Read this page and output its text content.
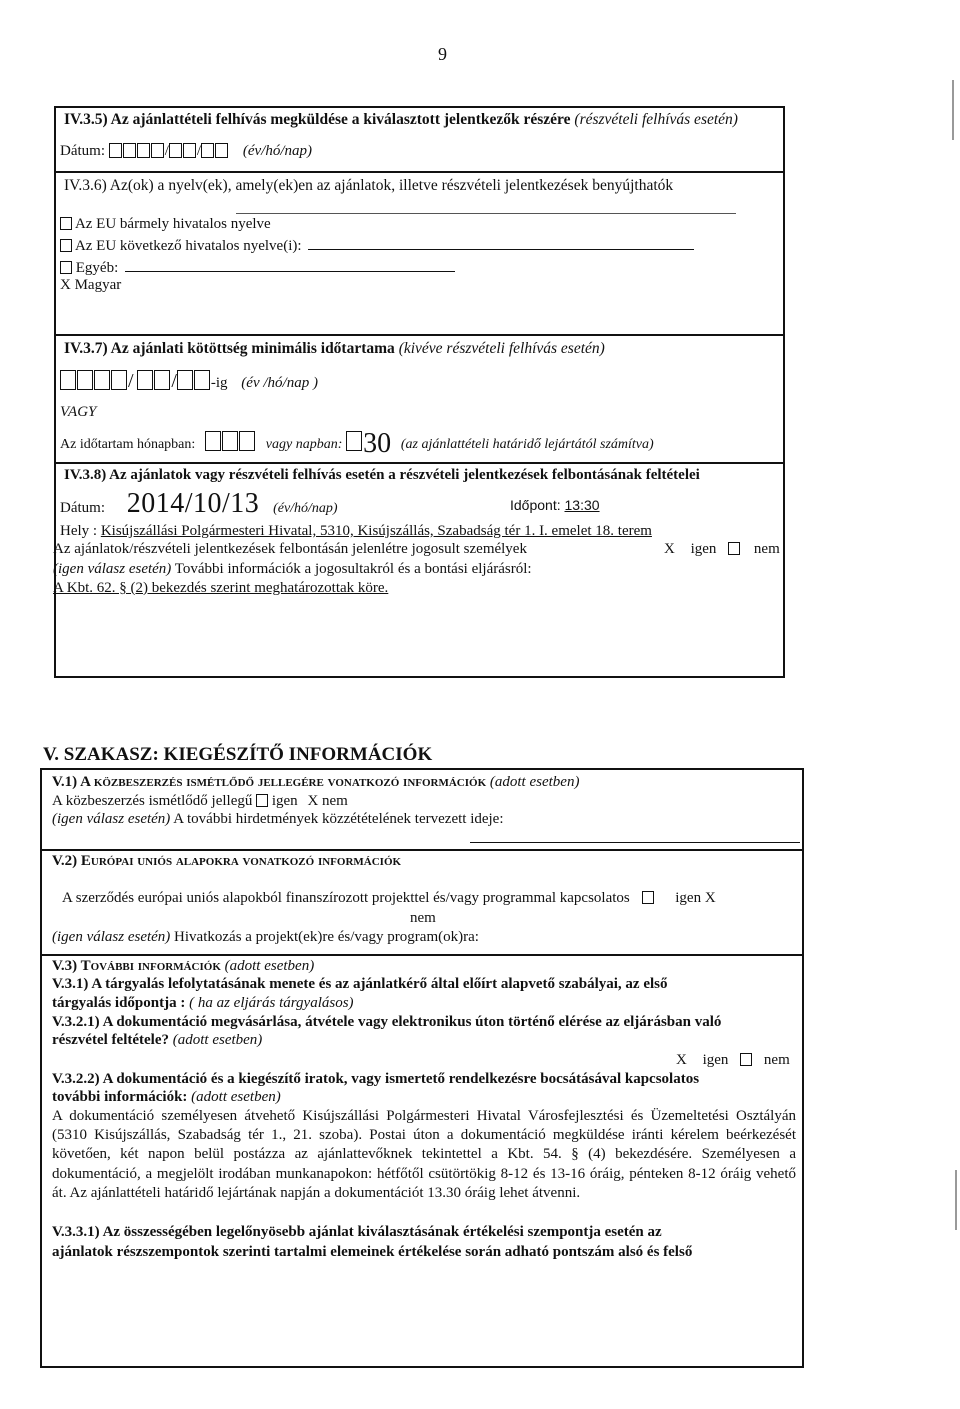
9
IV.3.5) Az ajánlattételi felhívás megküldése a kiválasztott jelentkezők részére (részvételi felhívás esetén)
Dátum:	/ /	(év/hó/nap)
IV.3.6) Az(ok) a nyelv(ek), amely(ek)en az ajánlatok, illetve részvételi jelentkezések benyújthatók
Az EU bármely hivatalos nyelve
Az EU következő hivatalos nyelve(i):
Egyéb:
X Magyar
IV.3.7) Az ajánlati kötöttség minimális időtartama (kivéve részvételi felhívás esetén)
/ / -ig (év /hó/nap )
VAGY
Az időtartam hónapban:	vagy napban: 30 (az ajánlattételi határidő lejártától számítva)
IV.3.8) Az ajánlatok vagy részvételi felhívás esetén a részvételi jelentkezések felbontásának feltételei
Dátum: 2014/10/13 (év/hó/nap)	Időpont: 13:30
Hely : Kisújszállási Polgármesteri Hivatal, 5310, Kisújszállás, Szabadság tér 1. I. emelet 18. terem
Az ajánlatok/részvételi jelentkezések felbontásán jelenlétre jogosult személyek	X igen	nem
(igen válasz esetén) További információk a jogosultakról és a bontási eljárásról:
A Kbt. 62. § (2) bekezdés szerint meghatározottak köre.
V. SZAKASZ: KIEGÉSZÍTŐ INFORMÁCIÓK
V.1) A közbeszerzés ismétlődő jellegére vonatkozó információk (adott esetben)
A közbeszerzés ismétlődő jellegű igen X nem
(igen válasz esetén) A további hirdetmények közzétételének tervezett ideje:
V.2) Európai uniós alapokra vonatkozó információk
A szerződés európai uniós alapokból finanszírozott projekttel és/vagy programmal kapcsolatos	igen X
nem
(igen válasz esetén) Hivatkozás a projekt(ek)re és/vagy program(ok)ra:
V.3) További információk (adott esetben)
V.3.1) A tárgyalás lefolytatásának menete és az ajánlatkérő által előírt alapvető szabályai, az első
tárgyalás időpontja : ( ha az eljárás tárgyalásos)
V.3.2.1) A dokumentáció megvásárlása, átvétele vagy elektronikus úton történő elérése az eljárásban való
részvétel feltétele? (adott esetben)
X igen nem
V.3.2.2) A dokumentáció és a kiegészítő iratok, vagy ismertető rendelkezésre bocsátásával kapcsolatos
további információk: (adott esetben)
A dokumentáció személyesen átvehető Kisújszállási Polgármesteri Hivatal Városfejlesztési és Üzemeltetési Osztályán (5310 Kisújszállás, Szabadság tér 1., 21. szoba). Postai úton a dokumentáció megküldése iránti kérelem beérkezését követően, két napon belül postázza az ajánlattevőknek tekintettel a Kbt. 54. § (4) bekezdésére. Személyesen a dokumentáció, a megjelölt irodában munkanapokon: hétfőtől csütörtökig 8-12 és 13-16 óráig, pénteken 8-12 óráig vehető át. Az ajánlattételi határidő lejártának napján a dokumentációt 13.30 óráig lehet átvenni.
V.3.3.1) Az összességében legelőnyösebb ajánlat kiválasztásának értékelési szempontja esetén az
ajánlatok részszempontok szerinti tartalmi elemeinek értékelése során adható pontszám alsó és felső
